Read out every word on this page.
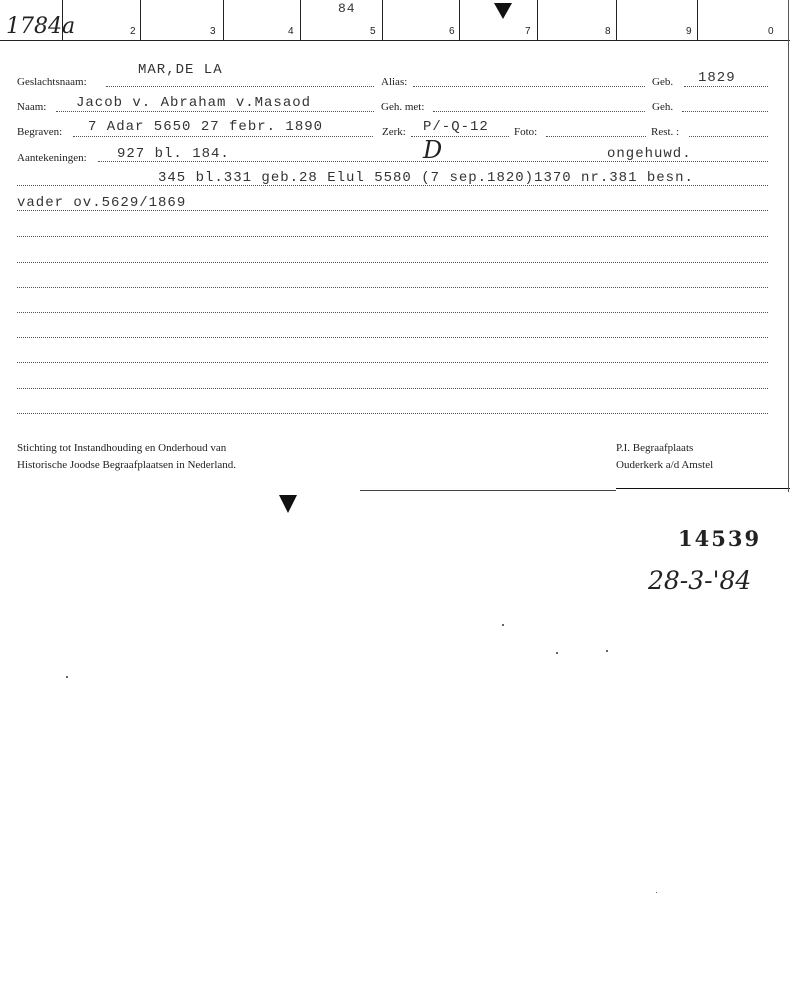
1784a	2	3	4	5	6	7	8	9	0
84
Geslachtsnaam:
MAR,DE LA
Alias:	Geb. 1829
Naam: Jacob v. Abraham v.Masaod	Geh. met:	Geh.
Begraven: 7 Adar 5650 27 febr. 1890	Zerk: P/-Q-12 Foto:	Rest. :
Aantekeningen: 927 bl. 184.	D	ongehuwd.
345 bl.331 geb.28 Elul 5580 (7 sep.1820)1370 nr.381 besn.
vader ov.5629/1869
Stichting tot Instandhouding en Onderhoud van
Historische Joodse Begraafplaatsen in Nederland.
P.I. Begraafplaats
Ouderkerk a/d Amstel
14539
28-3-'84
